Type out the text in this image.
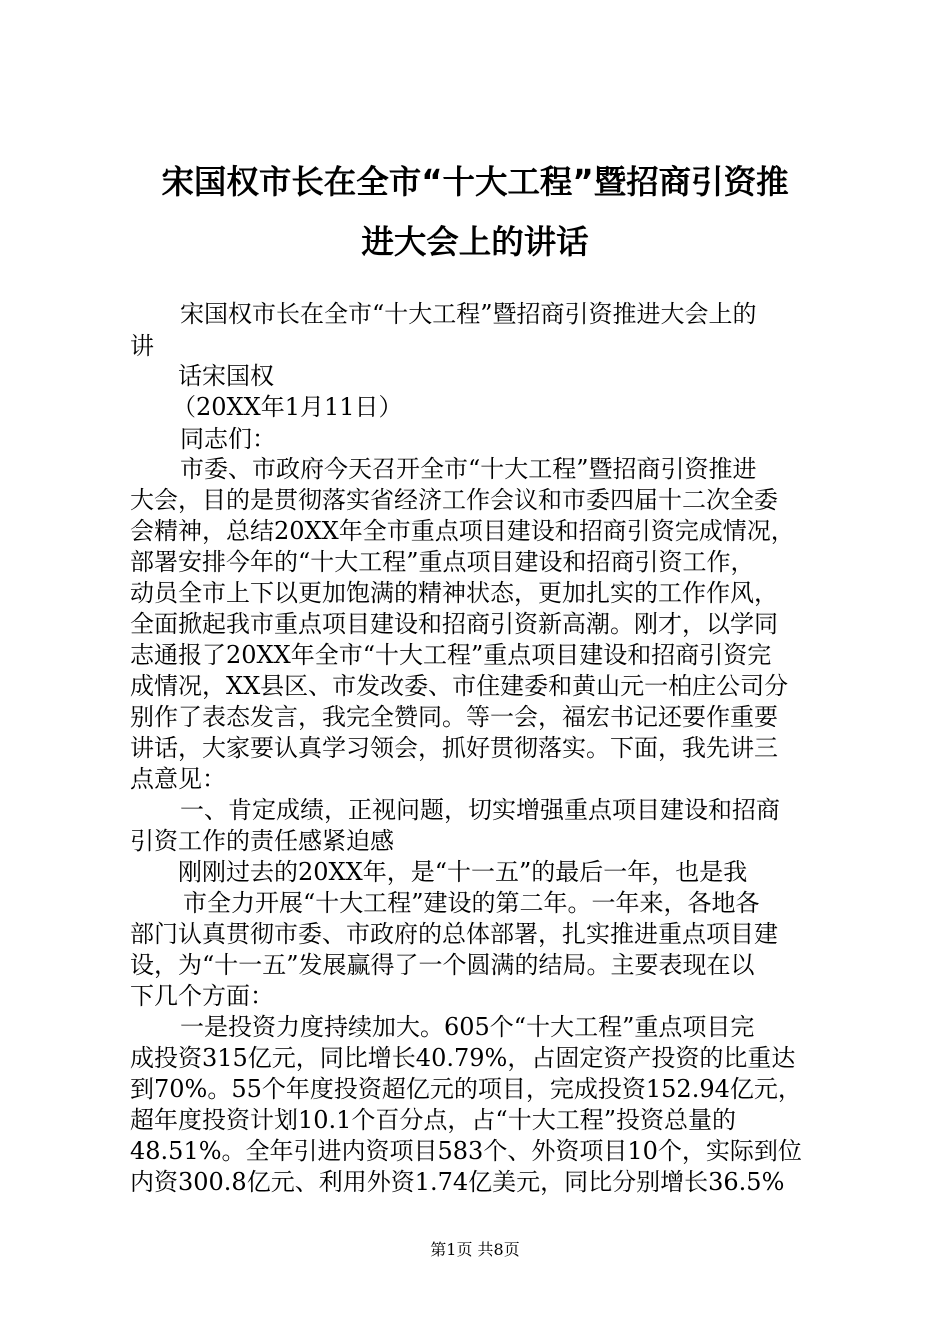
宋国权市长在全市“十大工程”暨招商引资推
进大会上的讲话
宋国权市长在全市“十大工程”暨招商引资推进大会上的
讲
话宋国权
（20XX年1月11日）
同志们：
市委、市政府今天召开全市“十大工程”暨招商引资推进
大会，目的是贯彻落实省经济工作会议和市委四届十二次全委
会精神，总结20XX年全市重点项目建设和招商引资完成情况，
部署安排今年的“十大工程”重点项目建设和招商引资工作，
动员全市上下以更加饱满的精神状态，更加扎实的工作作风，
全面掀起我市重点项目建设和招商引资新高潮。刚才，以学同
志通报了20XX年全市“十大工程”重点项目建设和招商引资完
成情况，XX县区、市发改委、市住建委和黄山元一柏庄公司分
别作了表态发言，我完全赞同。等一会，福宏书记还要作重要
讲话，大家要认真学习领会，抓好贯彻落实。下面，我先讲三
点意见：
一、肯定成绩，正视问题，切实增强重点项目建设和招商
引资工作的责任感紧迫感
刚刚过去的20XX年，是“十一五”的最后一年，也是我
市全力开展“十大工程”建设的第二年。一年来，各地各
部门认真贯彻市委、市政府的总体部署，扎实推进重点项目建
设，为“十一五”发展赢得了一个圆满的结局。主要表现在以
下几个方面：
一是投资力度持续加大。605个“十大工程”重点项目完
成投资315亿元，同比增长40.79%，占固定资产投资的比重达
到70%。55个年度投资超亿元的项目，完成投资152.94亿元，
超年度投资计划10.1个百分点，占“十大工程”投资总量的
48.51%。全年引进内资项目583个、外资项目10个，实际到位
内资300.8亿元、利用外资1.74亿美元，同比分别增长36.5%
第1页 共8页
